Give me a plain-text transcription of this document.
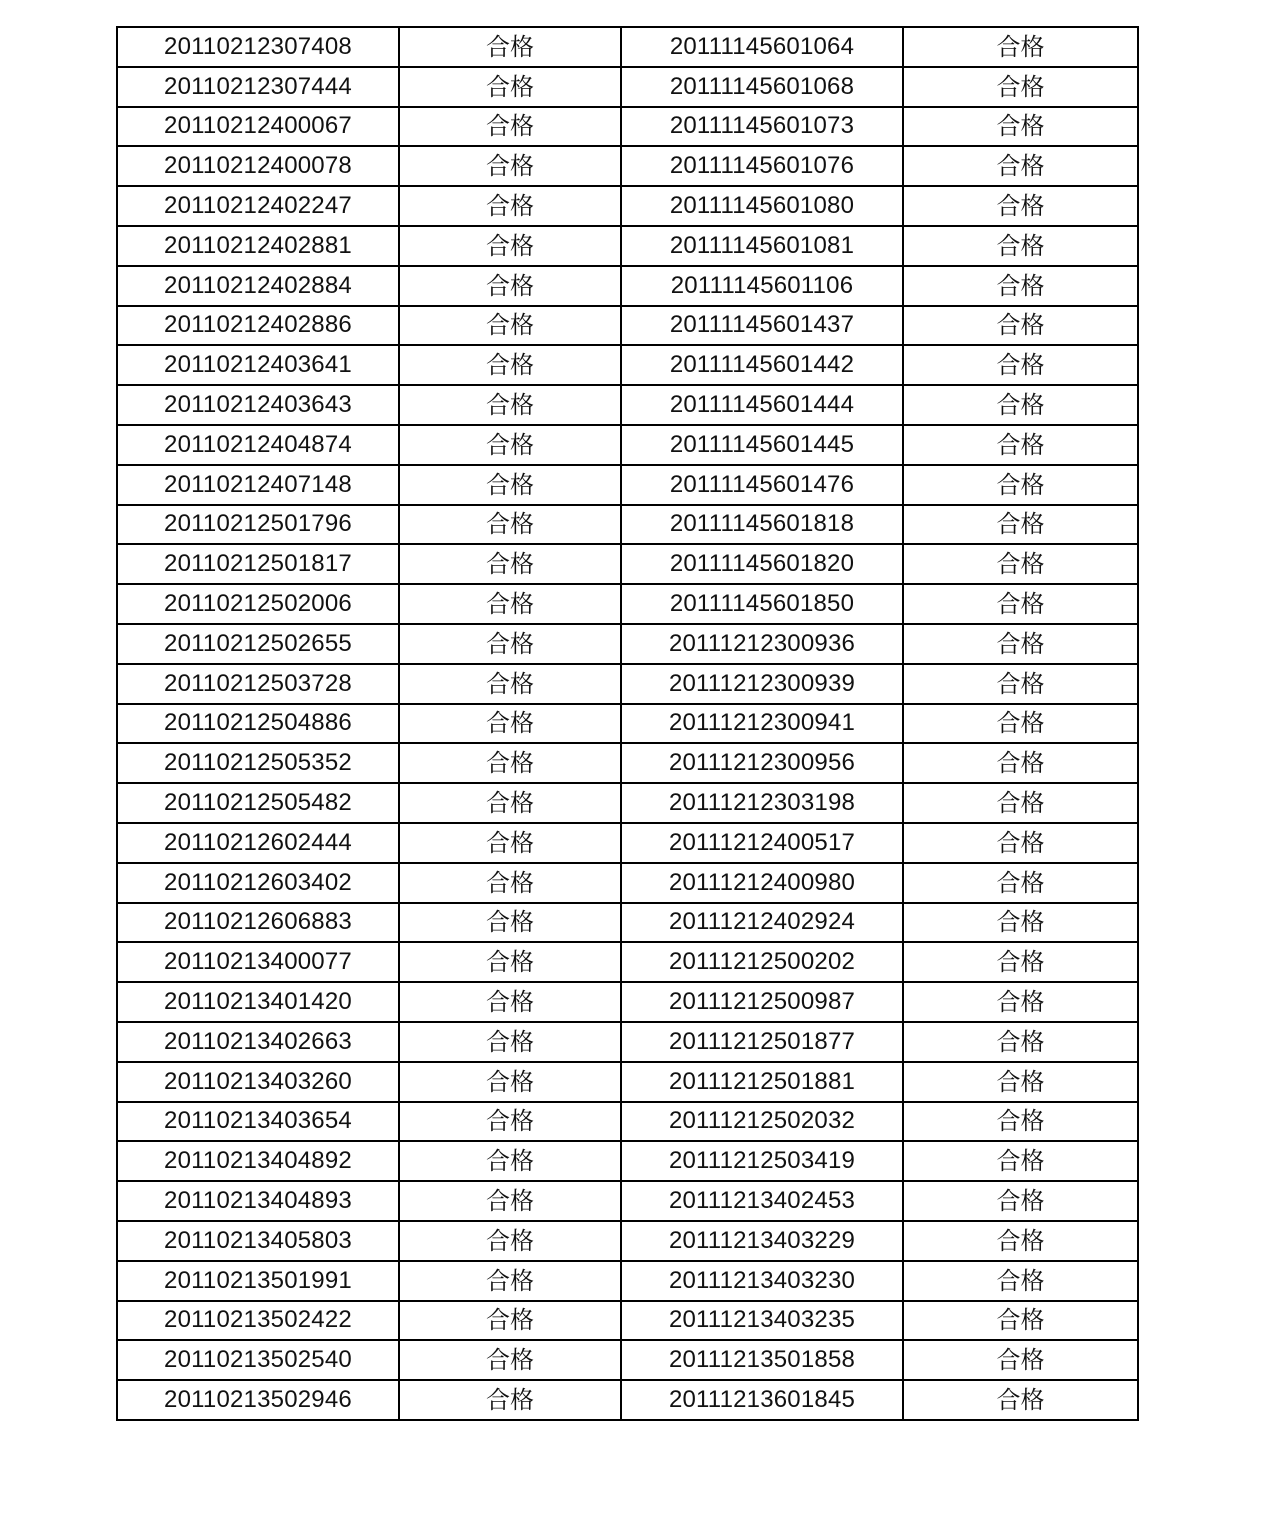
20110212307408	合格	20111145601064	合格
20110212307444	合格	20111145601068	合格
20110212400067	合格	20111145601073	合格
20110212400078	合格	20111145601076	合格
20110212402247	合格	20111145601080	合格
20110212402881	合格	20111145601081	合格
20110212402884	合格	20111145601106	合格
20110212402886	合格	20111145601437	合格
20110212403641	合格	20111145601442	合格
20110212403643	合格	20111145601444	合格
20110212404874	合格	20111145601445	合格
20110212407148	合格	20111145601476	合格
20110212501796	合格	20111145601818	合格
20110212501817	合格	20111145601820	合格
20110212502006	合格	20111145601850	合格
20110212502655	合格	20111212300936	合格
20110212503728	合格	20111212300939	合格
20110212504886	合格	20111212300941	合格
20110212505352	合格	20111212300956	合格
20110212505482	合格	20111212303198	合格
20110212602444	合格	20111212400517	合格
20110212603402	合格	20111212400980	合格
20110212606883	合格	20111212402924	合格
20110213400077	合格	20111212500202	合格
20110213401420	合格	20111212500987	合格
20110213402663	合格	20111212501877	合格
20110213403260	合格	20111212501881	合格
20110213403654	合格	20111212502032	合格
20110213404892	合格	20111212503419	合格
20110213404893	合格	20111213402453	合格
20110213405803	合格	20111213403229	合格
20110213501991	合格	20111213403230	合格
20110213502422	合格	20111213403235	合格
20110213502540	合格	20111213501858	合格
20110213502946	合格	20111213601845	合格
